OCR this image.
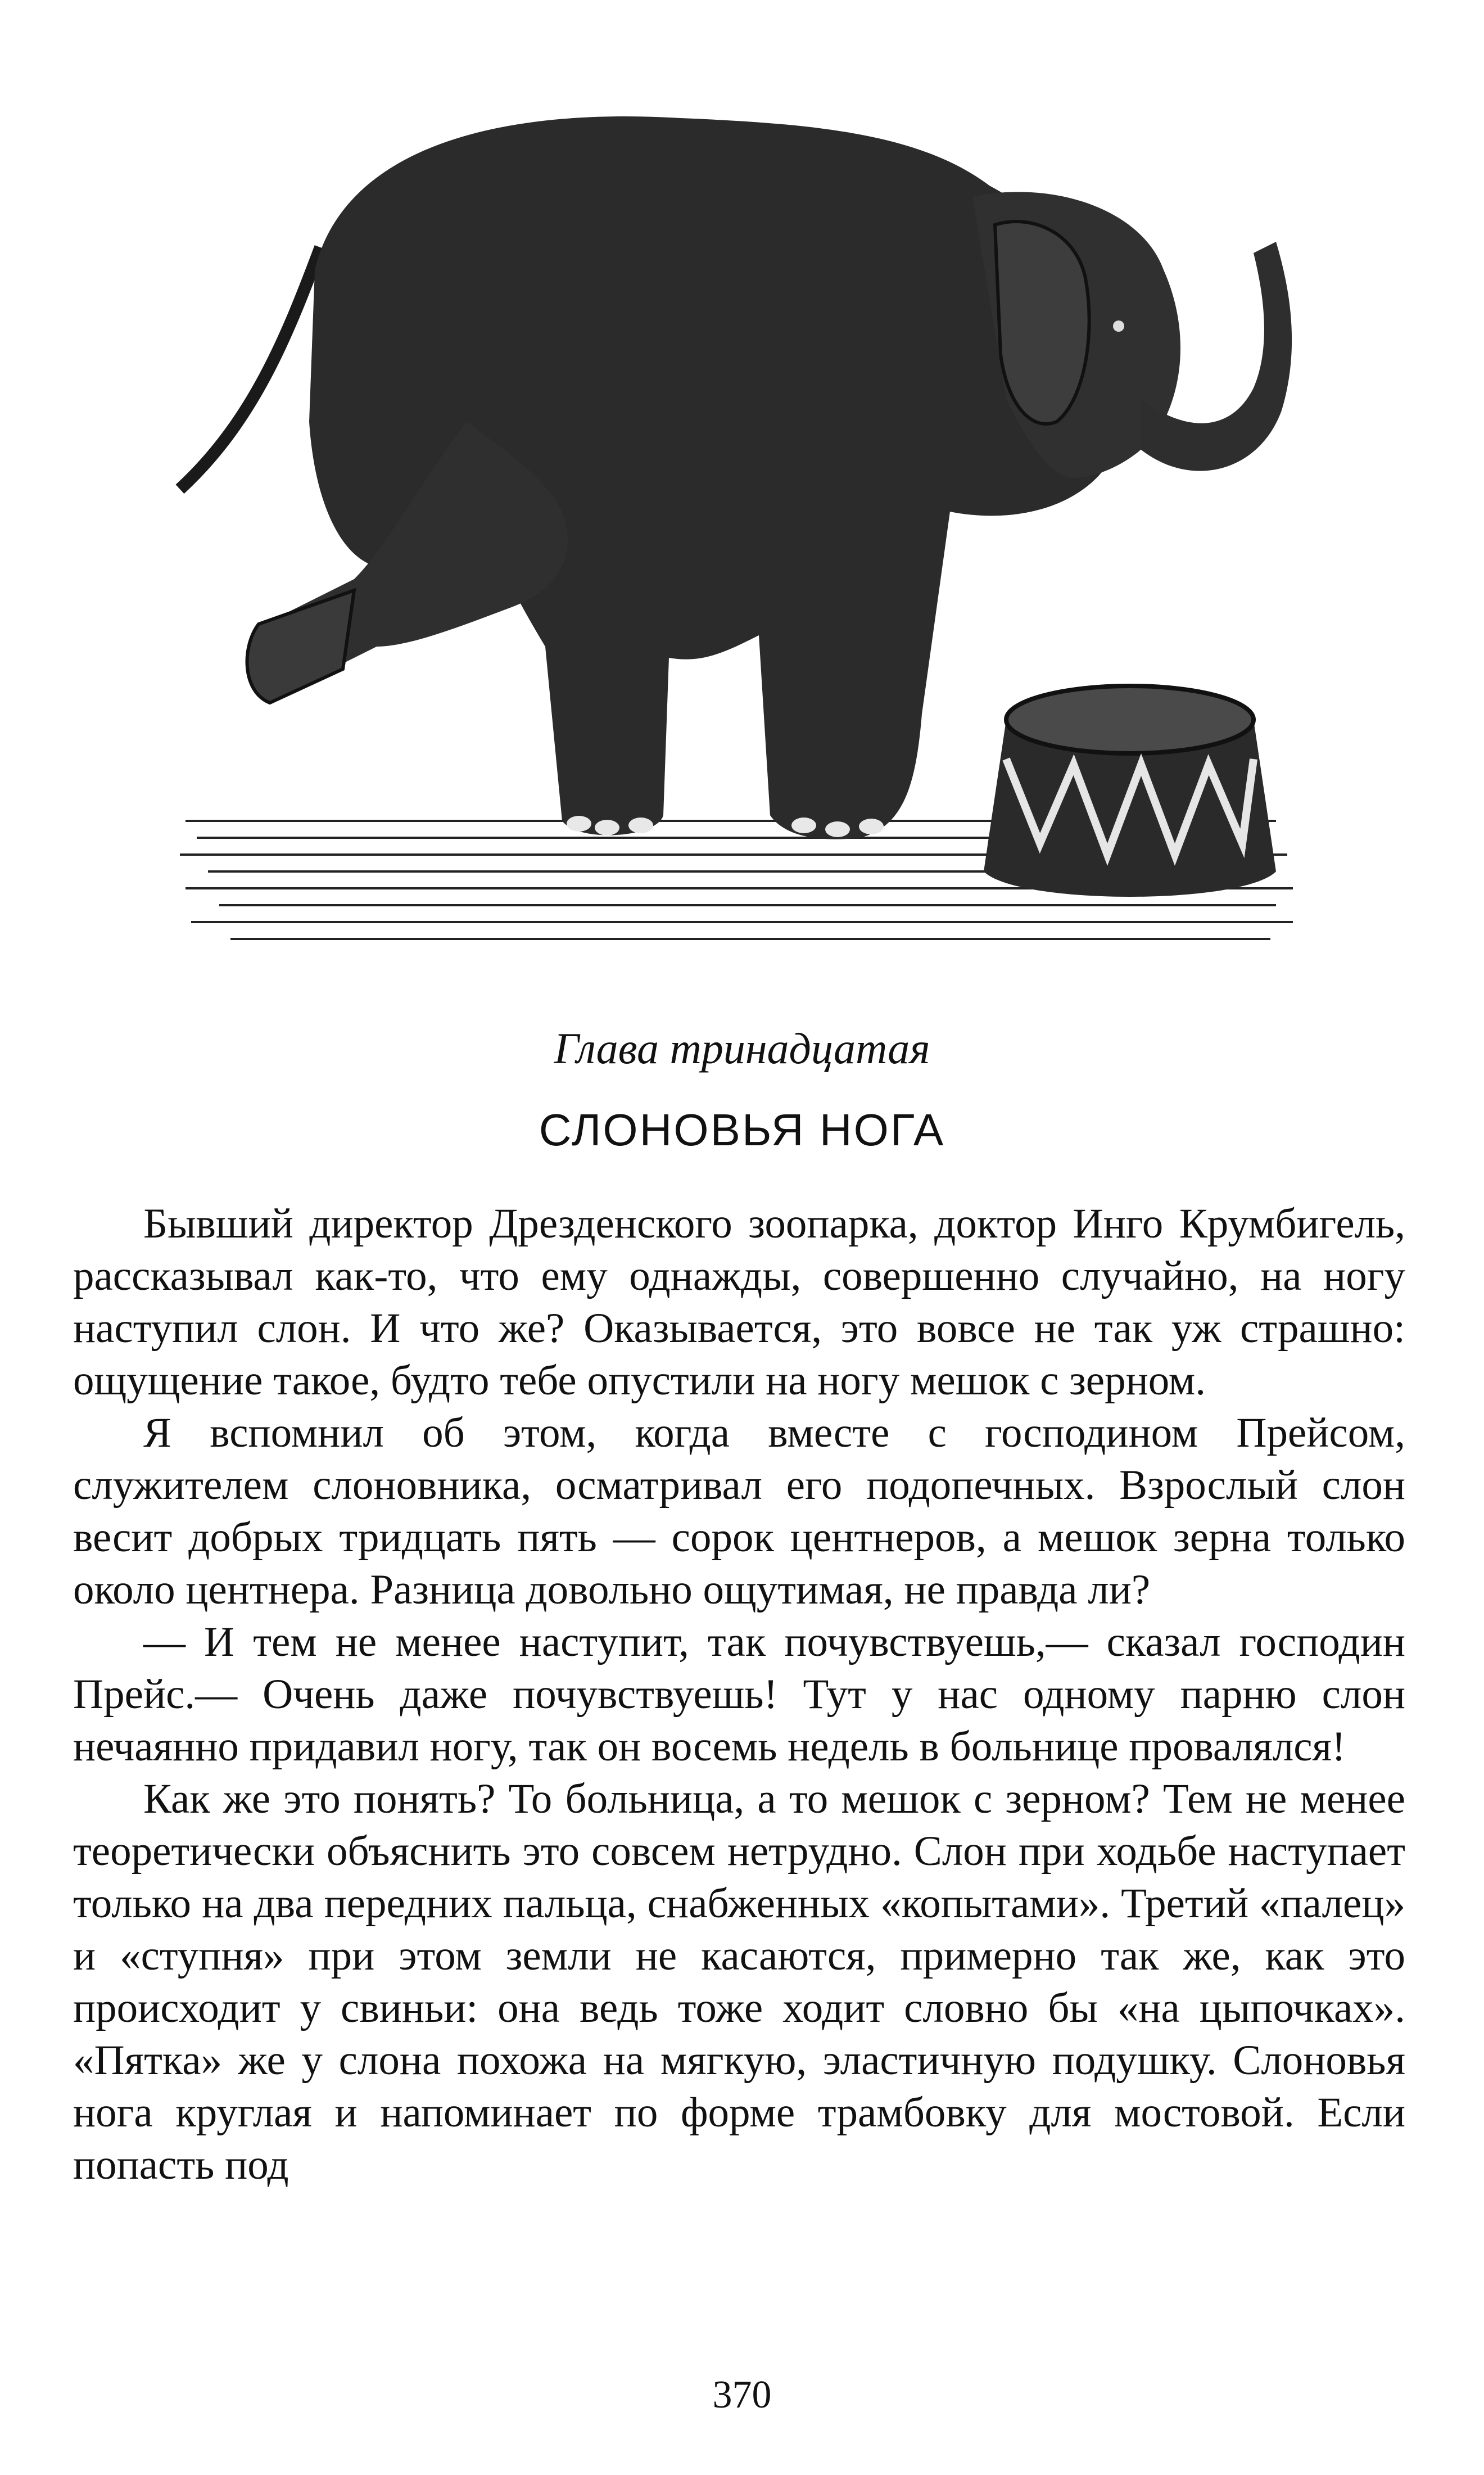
Глава тринадцатая
СЛОНОВЬЯ НОГА

Бывший директор Дрезденского зоопарка, доктор Инго Крумбигель, рассказывал как-то, что ему однажды, совершенно случайно, на ногу наступил слон. И что же? Оказывается, это вовсе не так уж страшно: ощущение такое, будто тебе опустили на ногу мешок с зерном.

Я вспомнил об этом, когда вместе с господином Прейсом, служителем слоновника, осматривал его подопечных. Взрослый слон весит добрых тридцать пять — сорок центнеров, а мешок зерна только около центнера. Разница довольно ощутимая, не правда ли?

— И тем не менее наступит, так почувствуешь,— сказал господин Прейс.— Очень даже почувствуешь! Тут у нас одному парню слон нечаянно придавил ногу, так он восемь недель в больнице провалялся!

Как же это понять? То больница, а то мешок с зерном? Тем не менее теоретически объяснить это совсем нетрудно. Слон при ходьбе наступает только на два передних пальца, снабженных «копытами». Третий «палец» и «ступня» при этом земли не касаются, примерно так же, как это происходит у свиньи: она ведь тоже ходит словно бы «на цыпочках». «Пятка» же у слона похожа на мягкую, эластичную подушку. Слоновья нога круглая и напоминает по форме трамбовку для мостовой. Если попасть под

370
